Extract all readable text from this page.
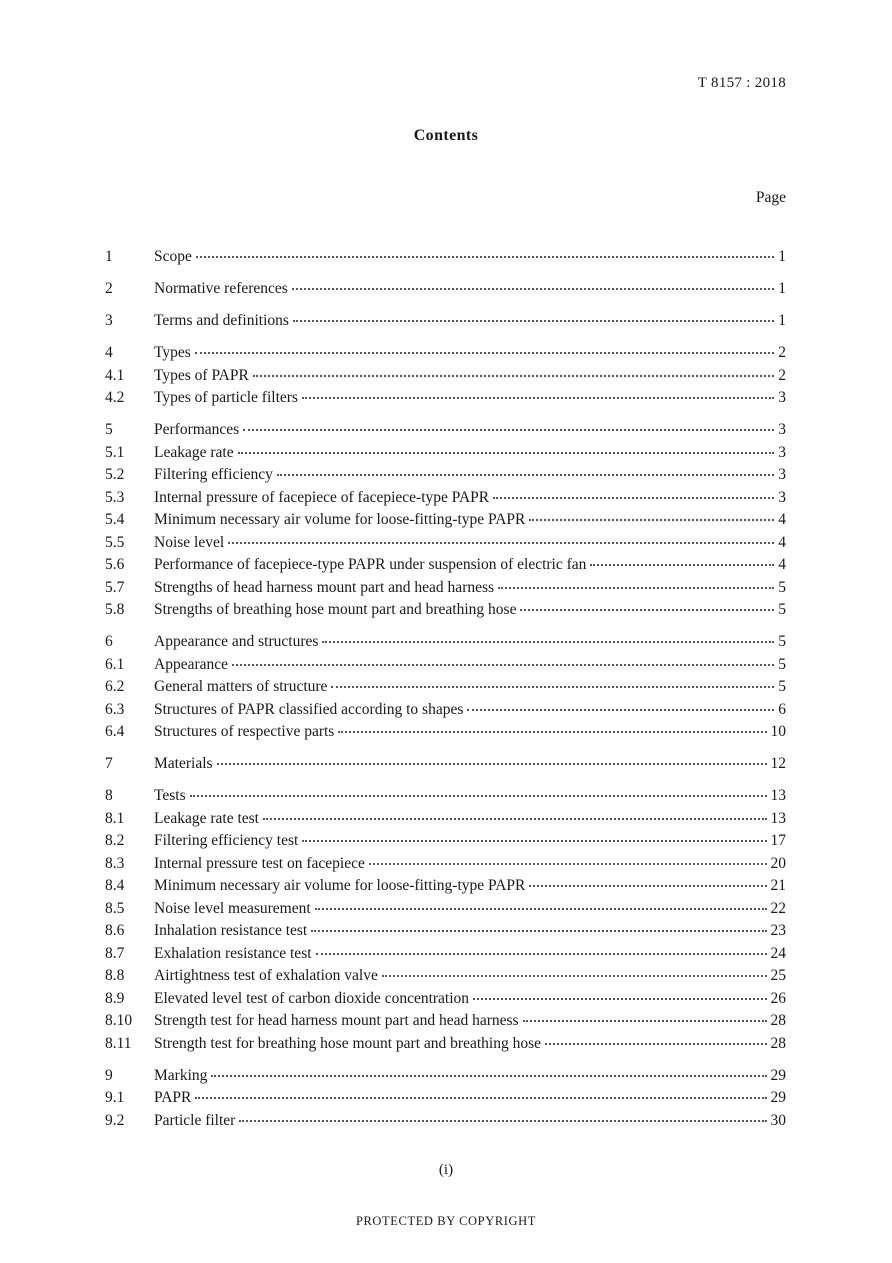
T 8157 : 2018
Contents
Page
1	Scope	1
2	Normative references	1
3	Terms and definitions	1
4	Types	2
4.1	Types of PAPR	2
4.2	Types of particle filters	3
5	Performances	3
5.1	Leakage rate	3
5.2	Filtering efficiency	3
5.3	Internal pressure of facepiece of facepiece-type PAPR	3
5.4	Minimum necessary air volume for loose-fitting-type PAPR	4
5.5	Noise level	4
5.6	Performance of facepiece-type PAPR under suspension of electric fan	4
5.7	Strengths of head harness mount part and head harness	5
5.8	Strengths of breathing hose mount part and breathing hose	5
6	Appearance and structures	5
6.1	Appearance	5
6.2	General matters of structure	5
6.3	Structures of PAPR classified according to shapes	6
6.4	Structures of respective parts	10
7	Materials	12
8	Tests	13
8.1	Leakage rate test	13
8.2	Filtering efficiency test	17
8.3	Internal pressure test on facepiece	20
8.4	Minimum necessary air volume for loose-fitting-type PAPR	21
8.5	Noise level measurement	22
8.6	Inhalation resistance test	23
8.7	Exhalation resistance test	24
8.8	Airtightness test of exhalation valve	25
8.9	Elevated level test of carbon dioxide concentration	26
8.10	Strength test for head harness mount part and head harness	28
8.11	Strength test for breathing hose mount part and breathing hose	28
9	Marking	29
9.1	PAPR	29
9.2	Particle filter	30
(i)
PROTECTED BY COPYRIGHT
